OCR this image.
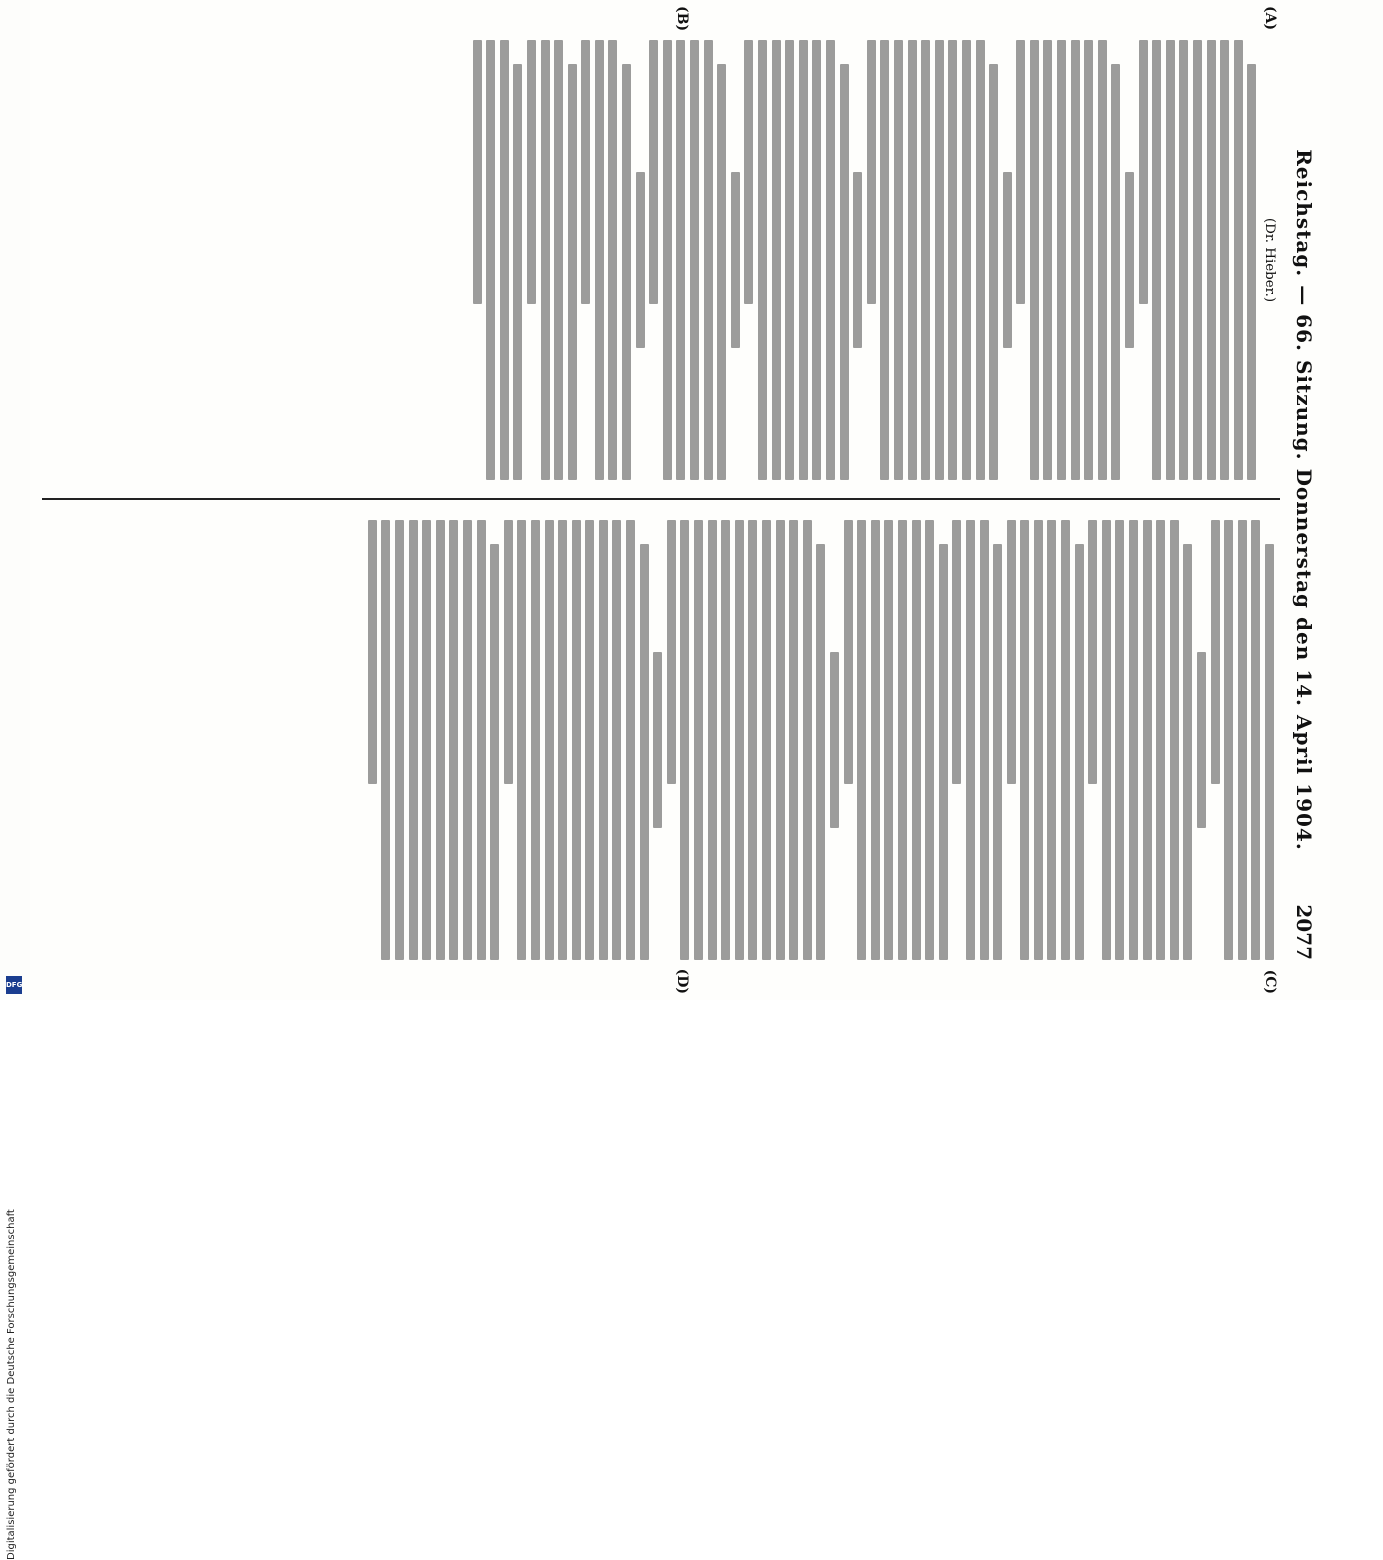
Reichstag. — 66. Sitzung. Donnerstag den 14. April 1904.
2077
(A)
(B)
(C)
(D)

(Dr. Hieber.)

Digitalisierung gefördert durch die Deutsche Forschungsgemeinschaft
DFG
